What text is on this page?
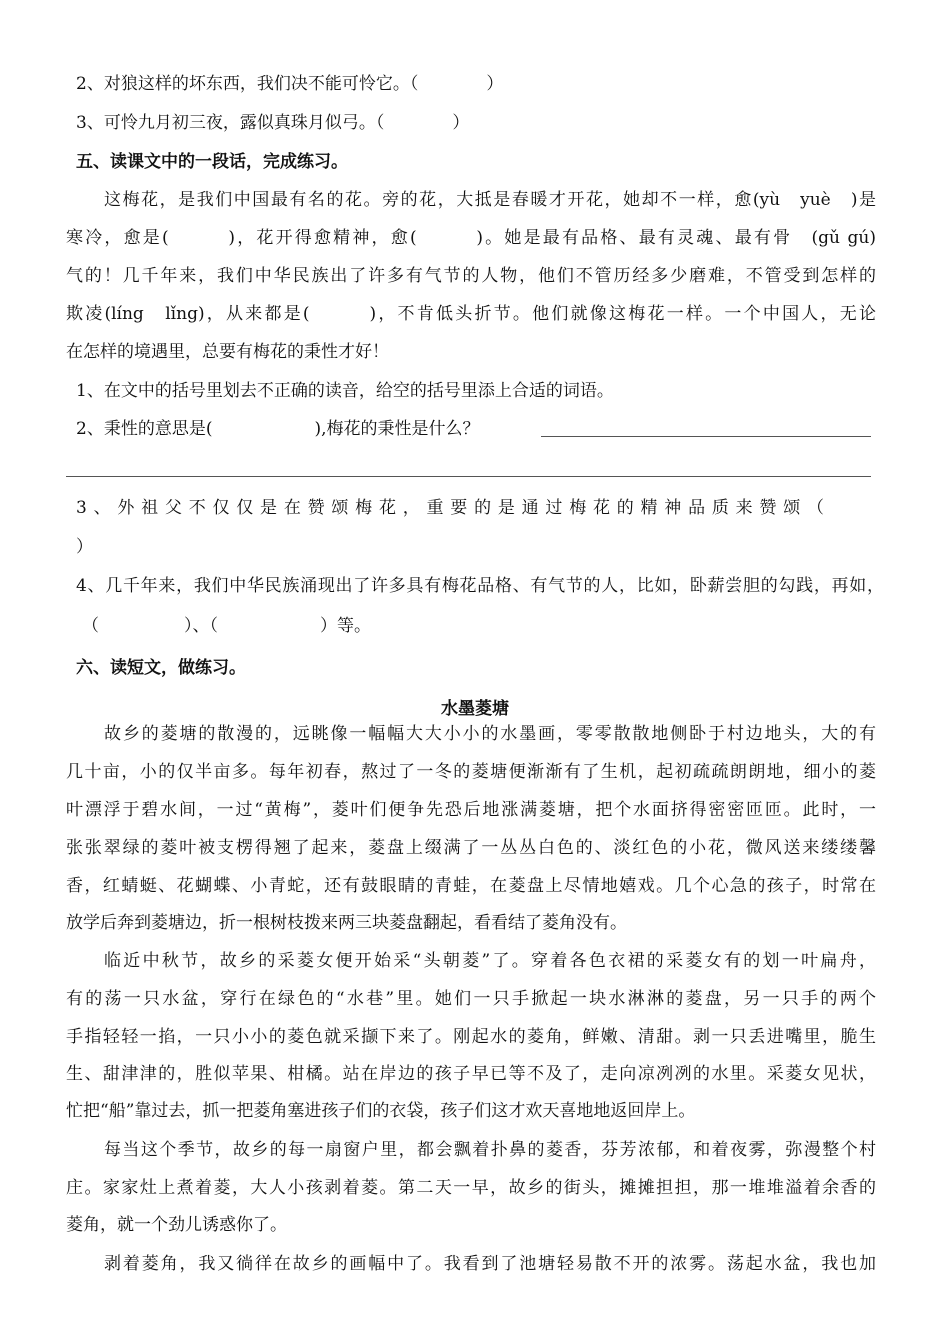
2、对狼这样的坏东西，我们决不能可怜它。（　　　　）
3、可怜九月初三夜，露似真珠月似弓。（　　　　）
五、读课文中的一段话，完成练习。
这梅花，是我们中国最有名的花。旁的花，大抵是春暖才开花，她却不一样，愈(yù　yuè　)是
寒冷，愈是(　　　)，花开得愈精神，愈(　　　)。她是最有品格、最有灵魂、最有骨　(gǔ gú)
气的！几千年来，我们中华民族出了许多有气节的人物，他们不管历经多少磨难，不管受到怎样的
欺凌(líng　lǐng)，从来都是(　　　)，不肯低头折节。他们就像这梅花一样。一个中国人，无论
在怎样的境遇里，总要有梅花的秉性才好！
1、在文中的括号里划去不正确的读音，给空的括号里添上合适的词语。
2、秉性的意思是(　　　　　　),梅花的秉性是什么？
3、外祖父不仅仅是在赞颂梅花，重要的是通过梅花的精神品质来赞颂（
）
4、几千年来，我们中华民族涌现出了许多具有梅花品格、有气节的人，比如，卧薪尝胆的勾践，再如，
（　　　　　）、（　　　　　　）等。
六、读短文，做练习。
水墨菱塘
故乡的菱塘的散漫的，远眺像一幅幅大大小小的水墨画，零零散散地侧卧于村边地头，大的有
几十亩，小的仅半亩多。每年初春，熬过了一冬的菱塘便渐渐有了生机，起初疏疏朗朗地，细小的菱
叶漂浮于碧水间，一过“黄梅”，菱叶们便争先恐后地涨满菱塘，把个水面挤得密密匝匝。此时，一
张张翠绿的菱叶被支楞得翘了起来，菱盘上缀满了一丛丛白色的、淡红色的小花，微风送来缕缕馨
香，红蜻蜓、花蝴蝶、小青蛇，还有鼓眼睛的青蛙，在菱盘上尽情地嬉戏。几个心急的孩子，时常在
放学后奔到菱塘边，折一根树枝拨来两三块菱盘翻起，看看结了菱角没有。
临近中秋节，故乡的采菱女便开始采“头朝菱”了。穿着各色衣裙的采菱女有的划一叶扁舟，
有的荡一只水盆，穿行在绿色的“水巷”里。她们一只手掀起一块水淋淋的菱盘，另一只手的两个
手指轻轻一掐，一只小小的菱色就采撷下来了。刚起水的菱角，鲜嫩、清甜。剥一只丢进嘴里，脆生
生、甜津津的，胜似苹果、柑橘。站在岸边的孩子早已等不及了，走向凉冽冽的水里。采菱女见状，
忙把“船”靠过去，抓一把菱角塞进孩子们的衣袋，孩子们这才欢天喜地地返回岸上。
每当这个季节，故乡的每一扇窗户里，都会飘着扑鼻的菱香，芬芳浓郁，和着夜雾，弥漫整个村
庄。家家灶上煮着菱，大人小孩剥着菱。第二天一早，故乡的街头，摊摊担担，那一堆堆溢着余香的
菱角，就一个劲儿诱惑你了。
剥着菱角，我又徜徉在故乡的画幅中了。我看到了池塘轻易散不开的浓雾。荡起水盆，我也加
